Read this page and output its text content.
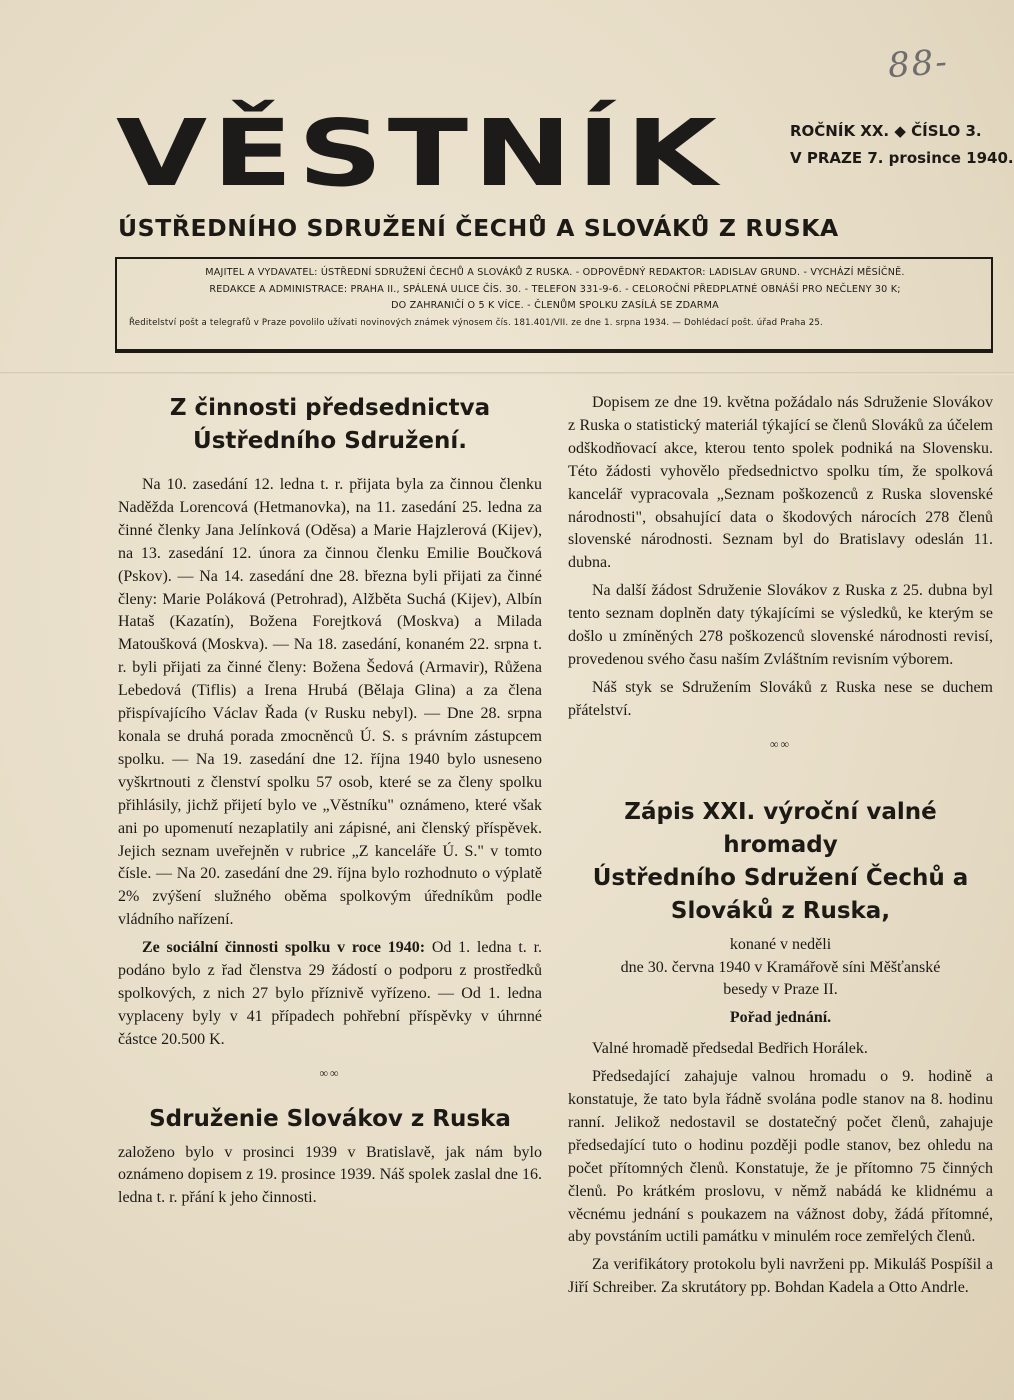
88-
VĚSTNÍK	ROČNÍK XX. ◆ ČÍSLO 3.
V PRAZE 7. prosince 1940.
ÚSTŘEDNÍHO SDRUŽENÍ ČECHŮ A SLOVÁKŮ Z RUSKA
MAJITEL A VYDAVATEL: ÚSTŘEDNÍ SDRUŽENÍ ČECHŮ A SLOVÁKŮ Z RUSKA. - ODPOVĚDNÝ REDAKTOR: LADISLAV GRUND. - VYCHÁZÍ MĚSÍČNĚ.
REDAKCE A ADMINISTRACE: PRAHA II., SPÁLENÁ ULICE ČÍS. 30. - TELEFON 331-9-6. - CELOROČNÍ PŘEDPLATNÉ OBNÁŠÍ PRO NEČLENY 30 K;
DO ZAHRANIČÍ O 5 K VÍCE. - ČLENŮM SPOLKU ZASÍLÁ SE ZDARMA
Ředitelství pošt a telegrafů v Praze povolilo užívati novinových známek výnosem čís. 181.401/VII. ze dne 1. srpna 1934. — Dohlédací pošt. úřad Praha 25.
Z činnosti předsednictva
Ústředního Sdružení.

Na 10. zasedání 12. ledna t. r. přijata byla za činnou členku Naděžda Lorencová (Hetmanovka), na 11. zasedání 25. ledna za činné členky Jana Jelínková (Oděsa) a Marie Hajzlerová (Kijev), na 13. zasedání 12. února za činnou členku Emilie Boučková (Pskov). — Na 14. zasedání dne 28. března byli přijati za činné členy: Marie Poláková (Petrohrad), Alžběta Suchá (Kijev), Albín Hataš (Kazatín), Božena Forejtková (Moskva) a Milada Matoušková (Moskva). — Na 18. zasedání, konaném 22. srpna t. r. byli přijati za činné členy: Božena Šedová (Armavir), Růžena Lebedová (Tiflis) a Irena Hrubá (Bělaja Glina) a za člena přispívajícího Václav Řada (v Rusku nebyl). — Dne 28. srpna konala se druhá porada zmocněnců Ú. S. s právním zástupcem spolku. — Na 19. zasedání dne 12. října 1940 bylo usneseno vyškrtnouti z členství spolku 57 osob, které se za členy spolku přihlásily, jichž přijetí bylo ve „Věstníku" oznámeno, které však ani po upomenutí nezaplatily ani zápisné, ani členský příspěvek. Jejich seznam uveřejněn v rubrice „Z kanceláře Ú. S." v tomto čísle. — Na 20. zasedání dne 29. října bylo rozhodnuto o výplatě 2% zvýšení služného oběma spolkovým úředníkům podle vládního nařízení.

Ze sociální činnosti spolku v roce 1940: Od 1. ledna t. r. podáno bylo z řad členstva 29 žádostí o podporu z prostředků spolkových, z nich 27 bylo příznivě vyřízeno. — Od 1. ledna vyplaceny byly v 41 případech pohřební příspěvky v úhrnné částce 20.500 K.

∞∞
Sdruženie Slovákov z Ruska

založeno bylo v prosinci 1939 v Bratislavě, jak nám bylo oznámeno dopisem z 19. prosince 1939. Náš spolek zaslal dne 16. ledna t. r. přání k jeho činnosti.

Dopisem ze dne 19. května požádalo nás Sdruženie Slovákov z Ruska o statistický materiál týkající se členů Slováků za účelem odškodňovací akce, kterou tento spolek podniká na Slovensku. Této žádosti vyhovělo předsednictvo spolku tím, že spolková kancelář vypracovala „Seznam poškozenců z Ruska slovenské národnosti", obsahující data o škodových nárocích 278 členů slovenské národnosti. Seznam byl do Bratislavy odeslán 11. dubna.

Na další žádost Sdruženie Slovákov z Ruska z 25. dubna byl tento seznam doplněn daty týkajícími se výsledků, ke kterým se došlo u zmíněných 278 poškozenců slovenské národnosti revisí, provedenou svého času naším Zvláštním revisním výborem.

Náš styk se Sdružením Slováků z Ruska nese se duchem přátelství.

∞∞
Zápis XXI. výroční valné hromady
Ústředního Sdružení Čechů a
Slováků z Ruska,

konané v neděli

dne 30. června 1940 v Kramářově síni Měšťanské

besedy v Praze II.

Pořad jednání.

Valné hromadě předsedal Bedřich Horálek.

Předsedající zahajuje valnou hromadu o 9. hodině a konstatuje, že tato byla řádně svolána podle stanov na 8. hodinu ranní. Jelikož nedostavil se dostatečný počet členů, zahajuje předsedající tuto o hodinu později podle stanov, bez ohledu na počet přítomných členů. Konstatuje, že je přítomno 75 činných členů. Po krátkém proslovu, v němž nabádá ke klidnému a věcnému jednání s poukazem na vážnost doby, žádá přítomné, aby povstáním uctili památku v minulém roce zemřelých členů.

Za verifikátory protokolu byli navrženi pp. Mikuláš Pospíšil a Jiří Schreiber. Za skrutátory pp. Bohdan Kadela a Otto Andrle.
